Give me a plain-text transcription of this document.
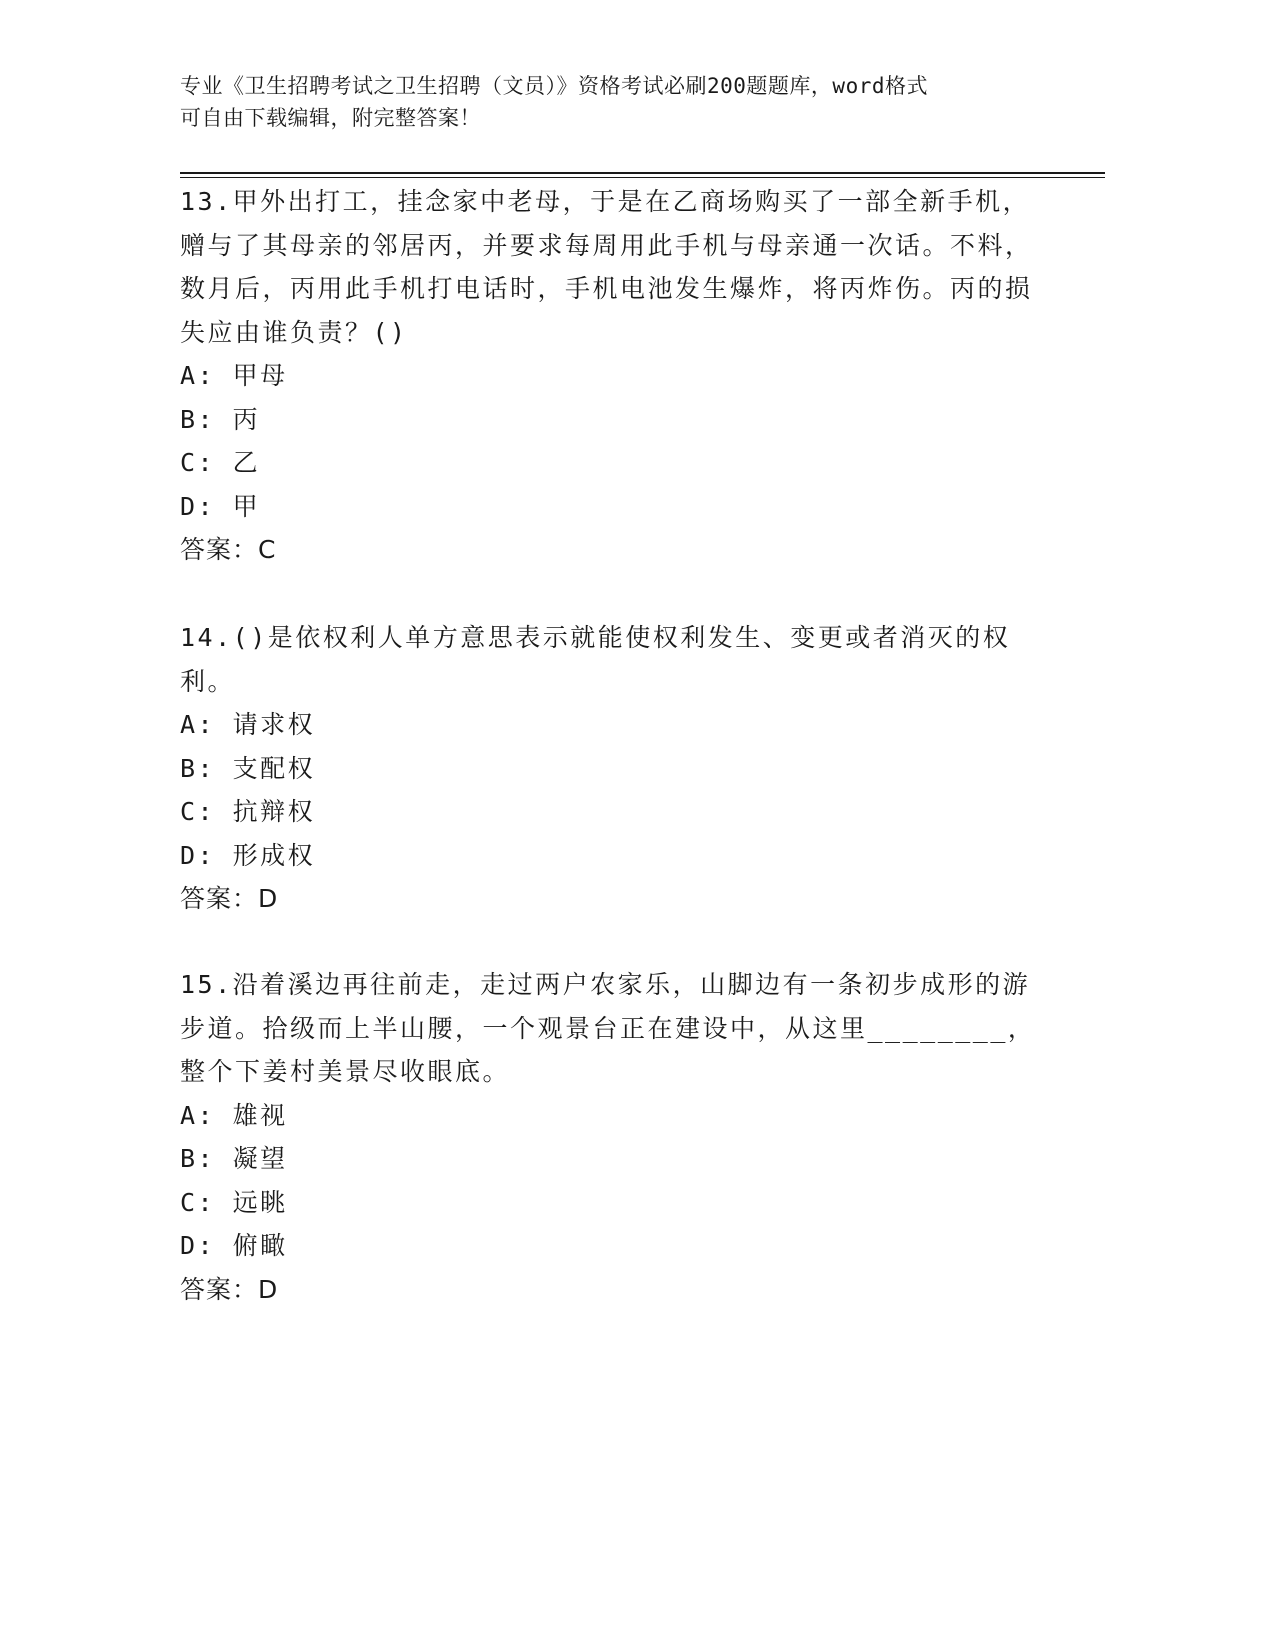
专业《卫生招聘考试之卫生招聘（文员）》资格考试必刷200题题库，word格式
可自由下载编辑，附完整答案！

13.甲外出打工，挂念家中老母，于是在乙商场购买了一部全新手机，赠与了其母亲的邻居丙，并要求每周用此手机与母亲通一次话。不料，数月后，丙用此手机打电话时，手机电池发生爆炸，将丙炸伤。丙的损失应由谁负责？()

A: 甲母

B: 丙

C: 乙

D: 甲

答案：C

14.()是依权利人单方意思表示就能使权利发生、变更或者消灭的权利。

A: 请求权

B: 支配权

C: 抗辩权

D: 形成权

答案：D

15.沿着溪边再往前走，走过两户农家乐，山脚边有一条初步成形的游步道。拾级而上半山腰，一个观景台正在建设中，从这里________，整个下姜村美景尽收眼底。

A: 雄视

B: 凝望

C: 远眺

D: 俯瞰

答案：D
